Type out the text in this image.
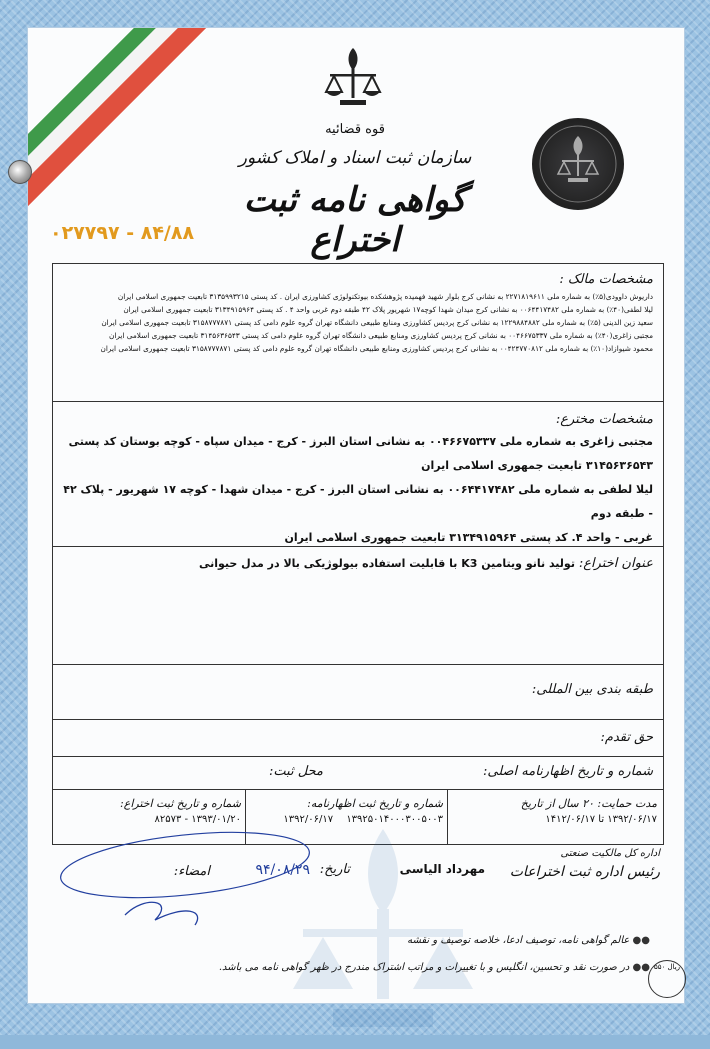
۸۴/۸۸ - ۰۲۷۷۹۷
قوه قضائیه
سازمان ثبت اسناد و املاک کشور
گواهی نامه ثبت اختراع
مشخصات مالک :
داریوش داوودی(۵٪) به شماره ملی ۲۲۷۱۸۱۹۶۱۱ به نشانی کرج بلوار شهید فهمیده پژوهشکده بیوتکنولوژی کشاورزی ایران . کد پستی ۳۱۳۵۹۹۳۲۱۵ تابعیت جمهوری اسلامی ایران
لیلا لطفی(۴۰٪) به شماره ملی ۰۰۶۴۴۱۷۴۸۲ به نشانی کرج میدان شهدا کوچه۱۷ شهریور پلاک ۴۲ طبقه دوم غربی واحد ۴ . کد پستی ۳۱۳۴۹۱۵۹۶۴ تابعیت جمهوری اسلامی ایران
سعید زین الدینی (۵٪) به شماره ملی ۱۲۲۹۸۸۴۸۸۲ به نشانی کرج پردیس کشاورزی ومنابع طبیعی دانشگاه تهران گروه علوم دامی کد پستی ۳۱۵۸۷۷۷۸۷۱ تابعیت جمهوری اسلامی ایران
مجتبی زاغری(۴۰٪) به شماره ملی ۰۰۴۶۶۷۵۳۳۷ به نشانی کرج پردیس کشاورزی ومنابع طبیعی دانشگاه تهران گروه علوم دامی کد پستی ۳۱۴۵۶۳۶۵۴۳ تابعیت جمهوری اسلامی ایران
محمود شیوازاد(۱۰٪) به شماره ملی ۰۰۴۲۴۷۷۰۸۱۲ به نشانی کرج پردیس کشاورزی ومنابع طبیعی دانشگاه تهران گروه علوم دامی کد پستی ۳۱۵۸۷۷۷۸۷۱ تابعیت جمهوری اسلامی ایران
مشخصات مخترع:
مجتبی زاغری به شماره ملی ۰۰۴۶۶۷۵۳۳۷ به نشانی استان البرز - کرج - میدان سپاه - کوچه بوستان کد پستی
۳۱۴۵۶۳۶۵۴۳ تابعیت جمهوری اسلامی ایران
لیلا لطفی به شماره ملی ۰۰۶۴۴۱۷۴۸۲ به نشانی استان البرز - کرج - میدان شهدا - کوچه ۱۷ شهریور - پلاک ۴۲ - طبقه دوم
غربی - واحد ۴. کد پستی ۳۱۳۴۹۱۵۹۶۴ تابعیت جمهوری اسلامی ایران
عنوان اختراع: تولید نانو ویتامین K3 با قابلیت استفاده بیولوژیکی بالا در مدل حیوانی
طبقه بندی بین المللی:
حق تقدم:
شماره و تاریخ اظهارنامه اصلی:
محل ثبت:
مدت حمایت: ۲۰ سال از تاریخ
۱۳۹۲/۰۶/۱۷ تا ۱۴۱۲/۰۶/۱۷
شماره و تاریخ ثبت اظهارنامه:
۱۳۹۲۵۰۱۴۰۰۰۳۰۰۵۰۰۳ ۱۳۹۲/۰۶/۱۷
شماره و تاریخ ثبت اختراع:
۱۳۹۳/۰۱/۲۰ - ۸۲۵۷۳
اداره کل مالکیت صنعتی
رئیس اداره ثبت اختراعات
مهرداد الیاسی
تاریخ:
۹۴/۰۸/۲۹
امضاء:
●● عالم گواهی نامه، توصیف ادعا، خلاصه توصیف و نقشه
●● در صورت نقد و تحسین، انگلیس و با تغییرات و مراتب اشتراک مندرج در ظهر گواهی نامه می باشد.	۵۵۰ ریال
